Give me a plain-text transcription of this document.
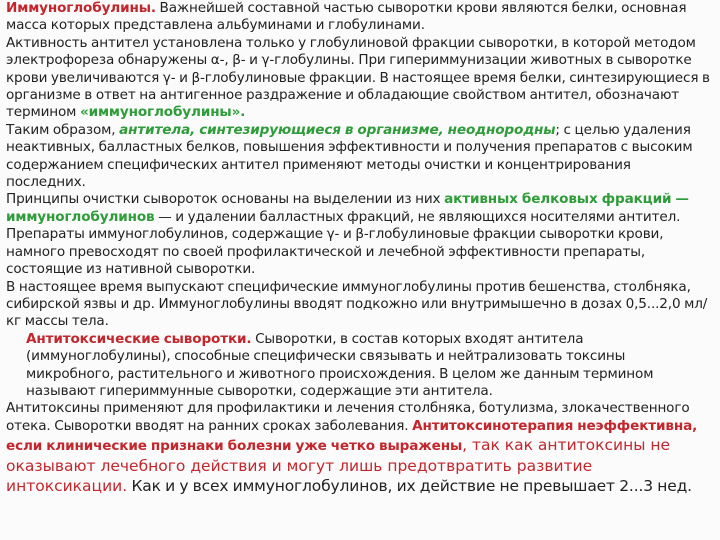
Иммуноглобулины. Важнейшей составной частью сыворотки крови являются белки, основная масса которых представлена альбуминами и глобулинами.

Активность антител установлена только у глобулиновой фракции сыворотки, в которой методом электрофореза обнаружены α-, β- и γ-глобулины. При гипериммунизации животных в сыворотке крови увеличиваются γ- и β-глобулиновые фракции. В настоящее время белки, синтезирующиеся в организме в ответ на антигенное раздражение и обладающие свойством антител, обозначают термином «иммуноглобулины».

Таким образом, антитела, синтезирующиеся в организме, неоднородны; с целью удаления неактивных, балластных белков, повышения эффективности и получения препаратов с высоким содержанием специфических антител применяют методы очистки и концентрирования последних.

Принципы очистки сывороток основаны на выделении из них активных белковых фракций — иммуноглобулинов — и удалении балластных фракций, не являющихся носителями антител.

Препараты иммуноглобулинов, содержащие γ- и β-глобулиновые фракции сыворотки крови, намного превосходят по своей профилактической и лечебной эффективности препараты, состоящие из нативной сыворотки.

В настоящее время выпускают специфические иммуноглобулины против бешенства, столбняка, сибирской язвы и др. Иммуноглобулины вводят подкожно или внутримышечно в дозах 0,5...2,0 мл/кг массы тела.

Антитоксические сыворотки. Сыворотки, в состав которых входят антитела (иммуноглобулины), способные специфически связывать и нейтрализовать токсины микробного, растительного и животного происхождения. В целом же данным термином называют гипериммунные сыворотки, содержащие эти антитела.

Антитоксины применяют для профилактики и лечения столбняка, ботулизма, злокачественного отека. Сыворотки вводят на ранних сроках заболевания. Антитоксинотерапия неэффективна, если клинические признаки болезни уже четко выражены, так как антитоксины не оказывают лечебного действия и могут лишь предотвратить развитие интоксикации. Как и у всех иммуноглобулинов, их действие не превышает 2...3 нед.
